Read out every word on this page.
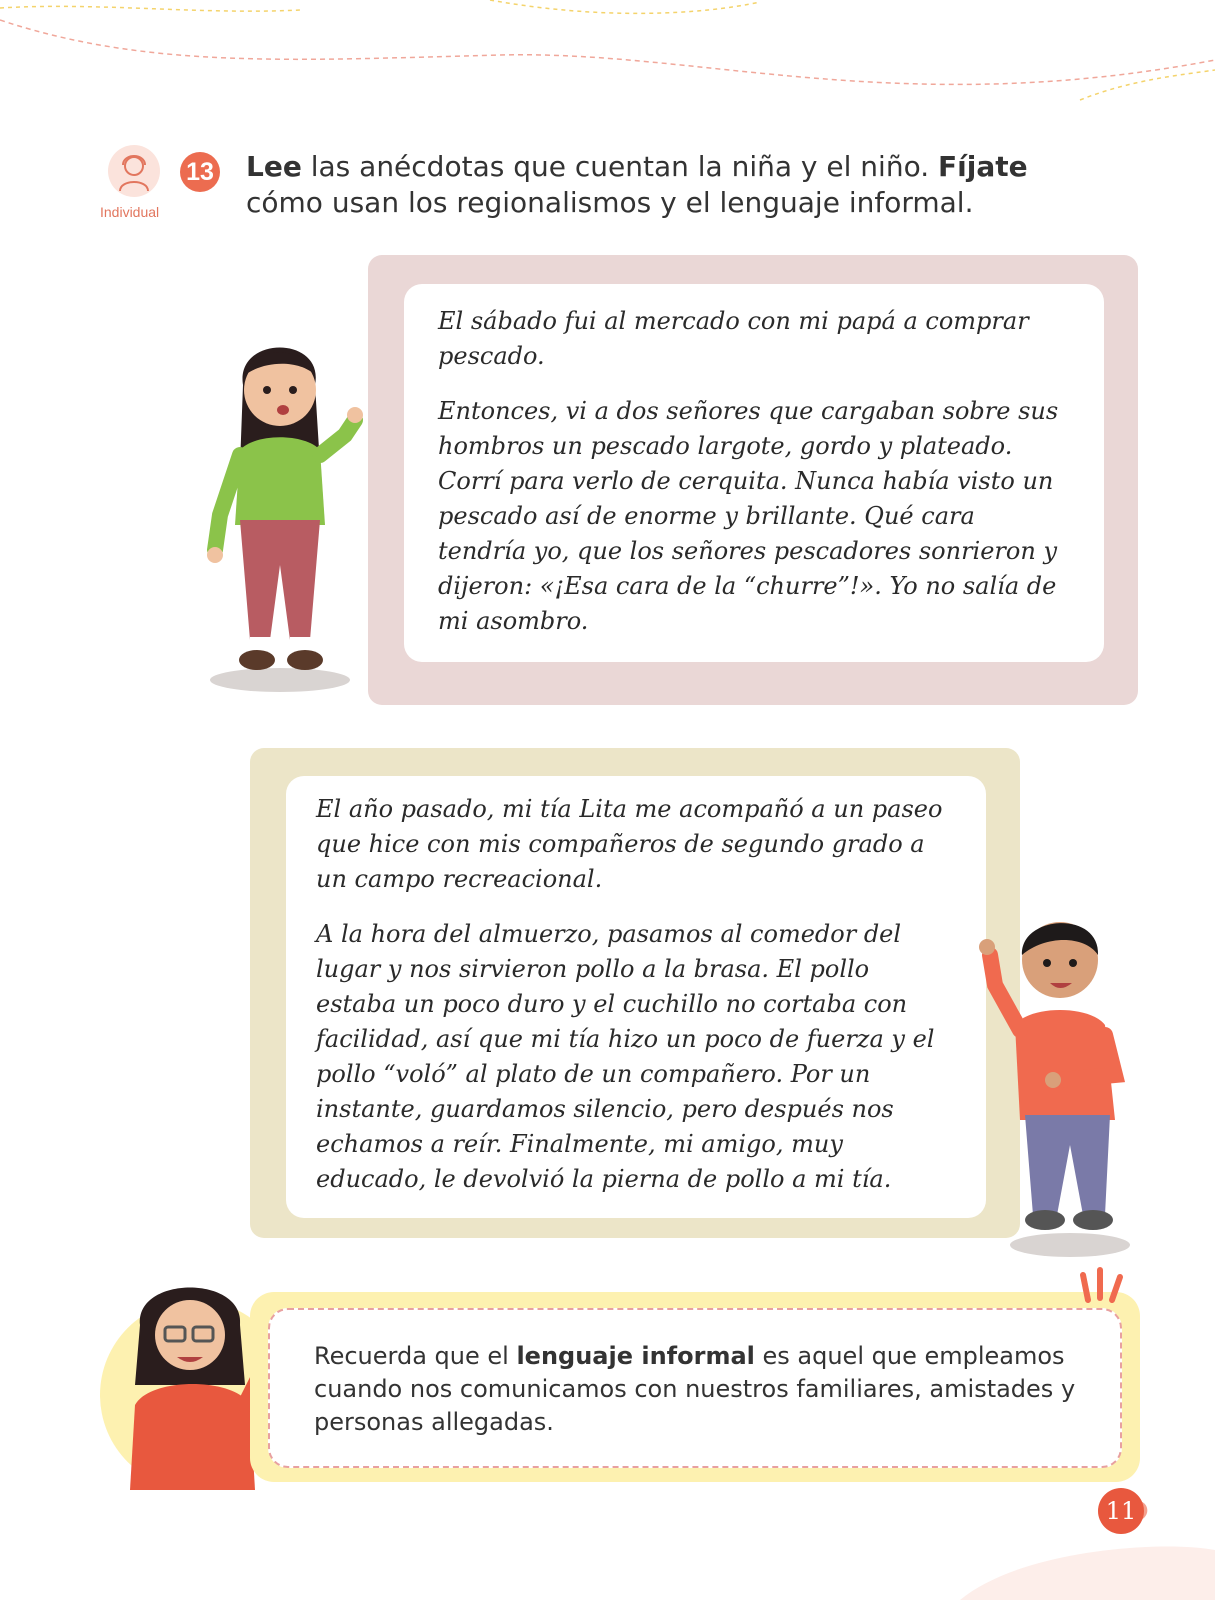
Individual
13 Lee las anécdotas que cuentan la niña y el niño. Fíjate cómo usan los regionalismos y el lenguaje informal.

El sábado fui al mercado con mi papá a comprar pescado.

Entonces, vi a dos señores que cargaban sobre sus hombros un pescado largote, gordo y plateado. Corrí para verlo de cerquita. Nunca había visto un pescado así de enorme y brillante. Qué cara tendría yo, que los señores pescadores sonrieron y dijeron: «¡Esa cara de la “churre”!». Yo no salía de mi asombro.

El año pasado, mi tía Lita me acompañó a un paseo que hice con mis compañeros de segundo grado a un campo recreacional.

A la hora del almuerzo, pasamos al comedor del lugar y nos sirvieron pollo a la brasa. El pollo estaba un poco duro y el cuchillo no cortaba con facilidad, así que mi tía hizo un poco de fuerza y el pollo “voló” al plato de un compañero. Por un instante, guardamos silencio, pero después nos echamos a reír. Finalmente, mi amigo, muy educado, le devolvió la pierna de pollo a mi tía.

Recuerda que el lenguaje informal es aquel que empleamos cuando nos comunicamos con nuestros familiares, amistades y personas allegadas.
11
